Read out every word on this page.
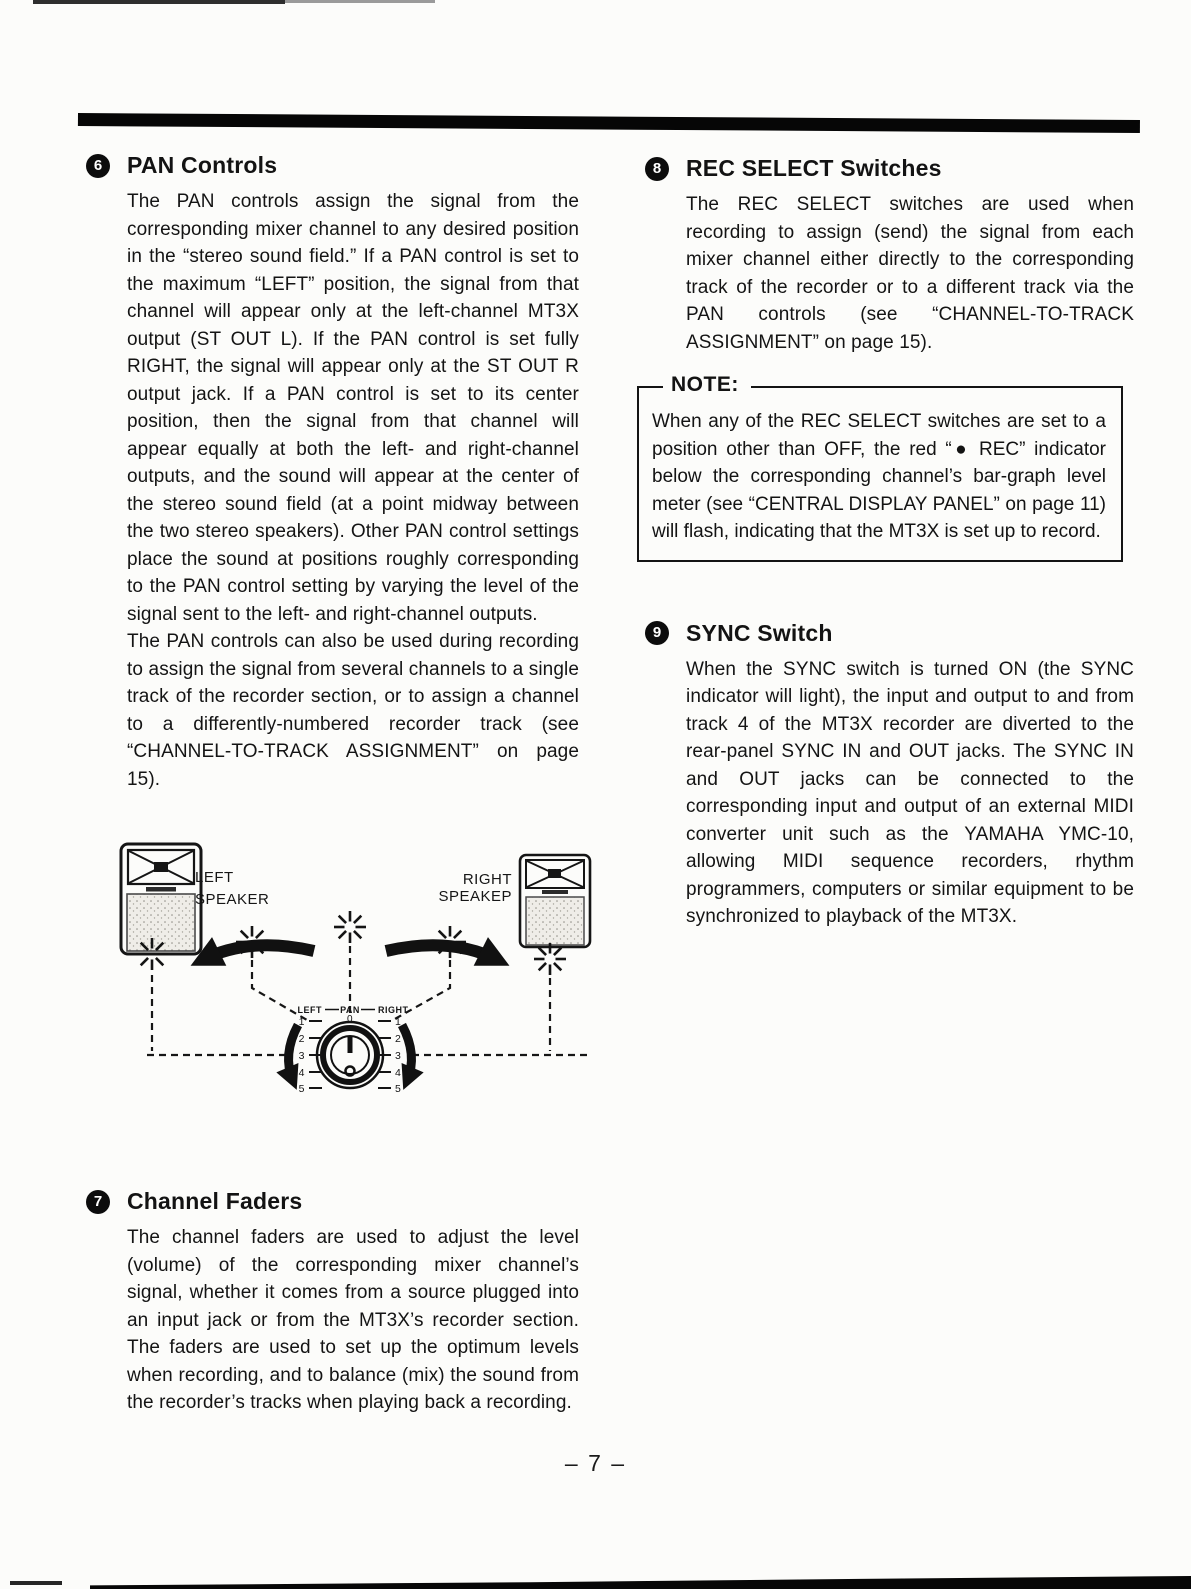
6	PAN Controls

The PAN controls assign the signal from the corresponding mixer channel to any desired position in the “stereo sound field.” If a PAN control is set to the maximum “LEFT” position, the signal from that channel will appear only at the left-channel MT3X output (ST OUT L). If the PAN control is set fully RIGHT, the signal will appear only at the ST OUT R output jack. If a PAN control is set to its center position, then the signal from that channel will appear equally at both the left- and right-channel outputs, and the sound will appear at the center of the stereo sound field (at a point midway between the two stereo speakers). Other PAN control settings place the sound at positions roughly corresponding to the PAN control setting by varying the level of the signal sent to the left- and right-channel outputs.

The PAN controls can also be used during recording to assign the signal from several channels to a single track of the recorder section, or to assign a channel to a differently-numbered recorder track (see “CHANNEL-TO-TRACK ASSIGNMENT” on page 15).

LEFT
SPEAKER
RIGHT
SPEAKEP
LEFT PAN RIGHT
0
1
2
3
4
5
1
2
3
4
5
7	Channel Faders

The channel faders are used to adjust the level (volume) of the corresponding mixer channel’s signal, whether it comes from a source plugged into an input jack or from the MT3X’s recorder section. The faders are used to set up the optimum levels when recording, and to balance (mix) the sound from the recorder’s tracks when playing back a recording.

8	REC SELECT Switches

The REC SELECT switches are used when recording to assign (send) the signal from each mixer channel either directly to the corresponding track of the recorder or to a different track via the PAN controls (see “CHANNEL-TO-TRACK ASSIGNMENT” on page 15).

NOTE:

When any of the REC SELECT switches are set to a position other than OFF, the red “● REC” indicator below the corresponding channel’s bar-graph level meter (see “CENTRAL DISPLAY PANEL” on page 11) will flash, indicating that the MT3X is set up to record.

9	SYNC Switch

When the SYNC switch is turned ON (the SYNC indicator will light), the input and output to and from track 4 of the MT3X recorder are diverted to the rear-panel SYNC IN and OUT jacks. The SYNC IN and OUT jacks can be connected to the corresponding input and output of an external MIDI converter unit such as the YAMAHA YMC-10, allowing MIDI sequence recorders, rhythm programmers, computers or similar equipment to be synchronized to playback of the MT3X.

– 7 –
